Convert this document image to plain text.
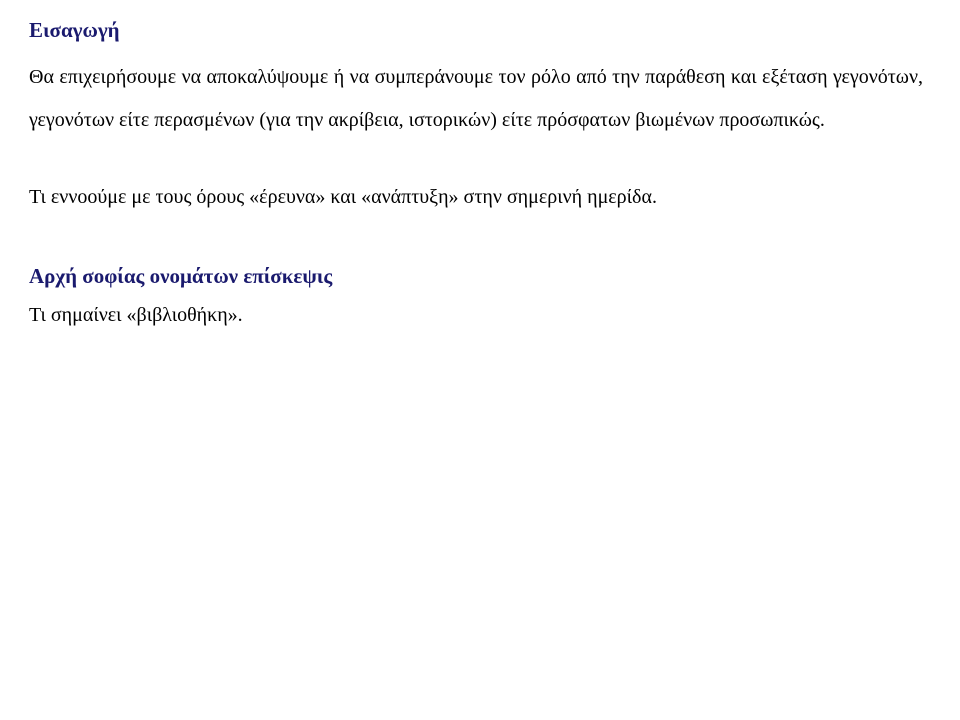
Εισαγωγή

Θα επιχειρήσουμε να αποκαλύψουμε ή να συμπεράνουμε τον ρόλο από την παράθεση και εξέταση γεγονότων, γεγονότων είτε περασμένων (για την ακρίβεια, ιστορικών) είτε πρόσφατων βιωμένων προσωπικώς.

Τι εννοούμε με τους όρους «έρευνα» και «ανάπτυξη» στην σημερινή ημερίδα.

Αρχή σοφίας ονομάτων επίσκεψις

Τι σημαίνει «βιβλιοθήκη».
